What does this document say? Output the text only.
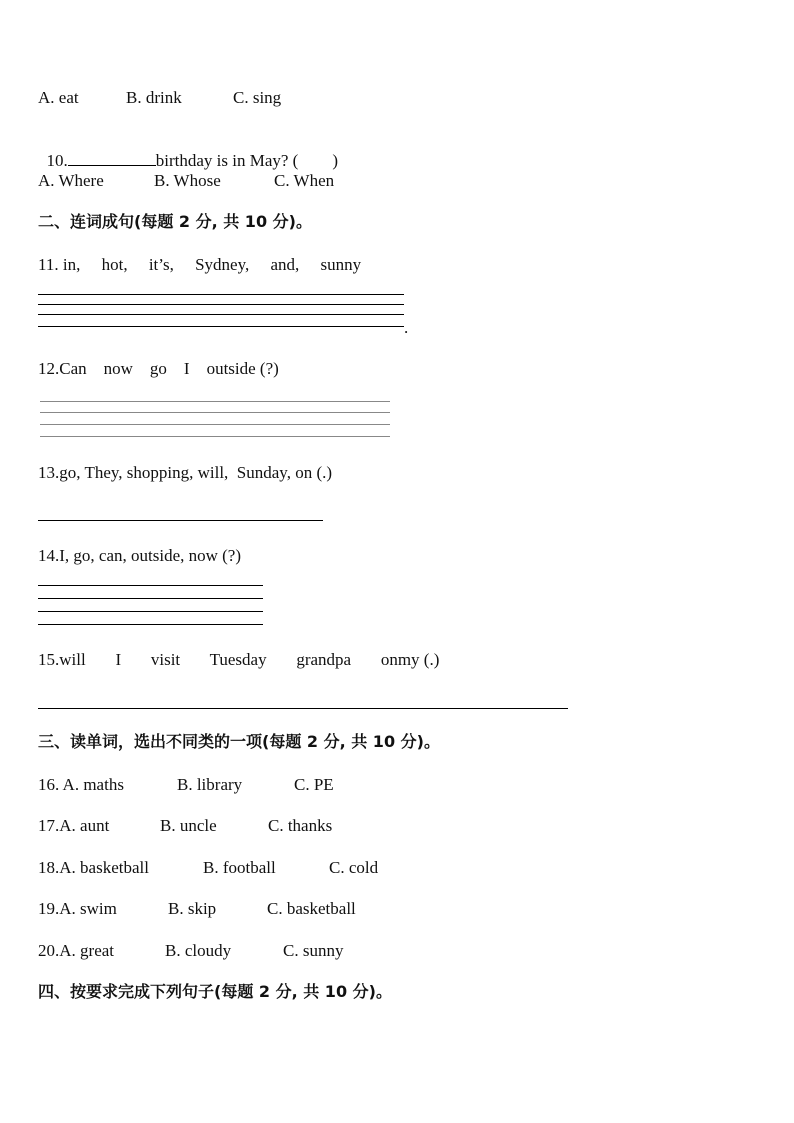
A. eat	B. drink	C. sing

10.	birthday is in May? (        )

A. Where	B. Whose	C. When
二、连词成句(每题 2 分, 共 10 分)。
11. in,     hot,     it’s,     Sydney,     and,     sunny
.
12.Can    now    go    I    outside (?)
13.go, They, shopping, will,  Sunday, on (.)
14.I, go, can, outside, now (?)
15.will       I       visit       Tuesday       grandpa       onmy (.)
三、读单词，选出不同类的一项(每题 2 分, 共 10 分)。
16. A. maths	B. library	C. PE
17.A. aunt	B. uncle	C. thanks
18.A. basketball	B. football	C. cold
19.A. swim	B. skip	C. basketball
20.A. great	B. cloudy	C. sunny
四、按要求完成下列句子(每题 2 分, 共 10 分)。
